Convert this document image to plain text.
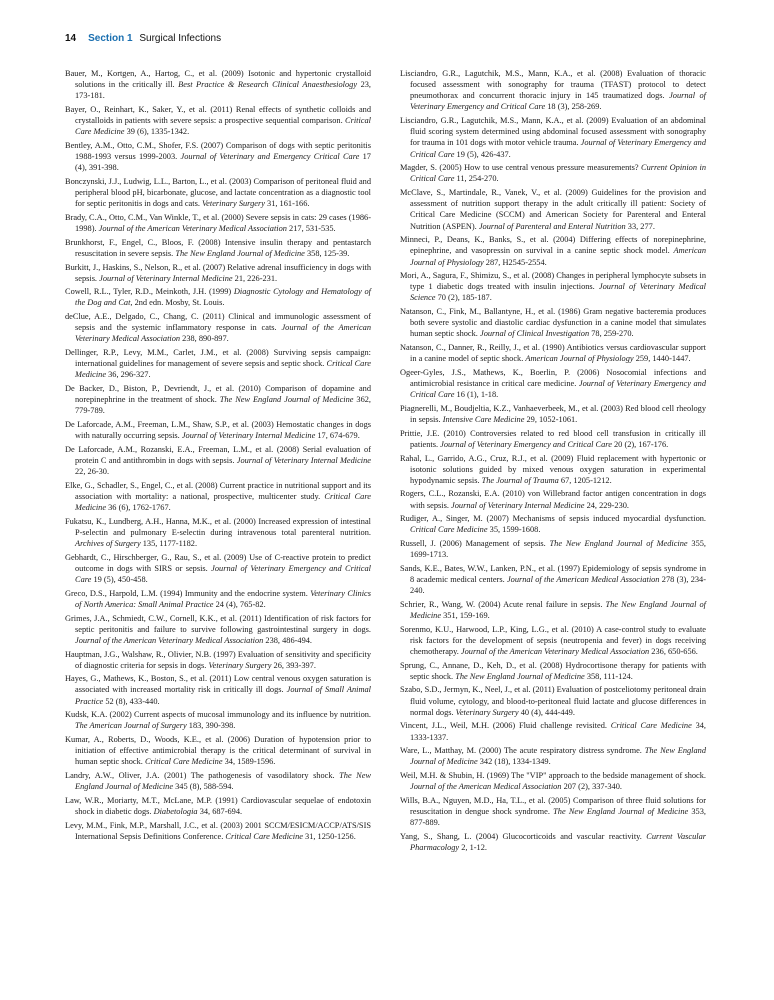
14 Section 1 Surgical Infections

Bauer, M., Kortgen, A., Hartog, C., et al. (2009) Isotonic and hypertonic crystalloid solutions in the critically ill. Best Practice & Research Clinical Anaesthesiology 23, 173-181.

Bayer, O., Reinhart, K., Saker, Y., et al. (2011) Renal effects of synthetic colloids and crystalloids in patients with severe sepsis: a prospective sequential comparison. Critical Care Medicine 39 (6), 1335-1342.

Bentley, A.M., Otto, C.M., Shofer, F.S. (2007) Comparison of dogs with septic peritonitis 1988-1993 versus 1999-2003. Journal of Veterinary and Emergency Critical Care 17 (4), 391-398.

Bonczynski, J.J., Ludwig, L.L., Barton, L., et al. (2003) Comparison of peritoneal fluid and peripheral blood pH, bicarbonate, glucose, and lactate concentration as a diagnostic tool for septic peritonitis in dogs and cats. Veterinary Surgery 31, 161-166.

Brady, C.A., Otto, C.M., Van Winkle, T., et al. (2000) Severe sepsis in cats: 29 cases (1986-1998). Journal of the American Veterinary Medical Association 217, 531-535.

Brunkhorst, F., Engel, C., Bloos, F. (2008) Intensive insulin therapy and pentastarch resuscitation in severe sepsis. The New England Journal of Medicine 358, 125-39.

Burkitt, J., Haskins, S., Nelson, R., et al. (2007) Relative adrenal insufficiency in dogs with sepsis. Journal of Veterinary Internal Medicine 21, 226-231.

Cowell, R.L., Tyler, R.D., Meinkoth, J.H. (1999) Diagnostic Cytology and Hematology of the Dog and Cat, 2nd edn. Mosby, St. Louis.

deClue, A.E., Delgado, C., Chang, C. (2011) Clinical and immunologic assessment of sepsis and the systemic inflammatory response in cats. Journal of the American Veterinary Medical Association 238, 890-897.

Dellinger, R.P., Levy, M.M., Carlet, J.M., et al. (2008) Surviving sepsis campaign: international guidelines for management of severe sepsis and septic shock. Critical Care Medicine 36, 296-327.

De Backer, D., Biston, P., Devriendt, J., et al. (2010) Comparison of dopamine and norepinephrine in the treatment of shock. The New England Journal of Medicine 362, 779-789.

De Laforcade, A.M., Freeman, L.M., Shaw, S.P., et al. (2003) Hemostatic changes in dogs with naturally occurring sepsis. Journal of Veterinary Internal Medicine 17, 674-679.

De Laforcade, A.M., Rozanski, E.A., Freeman, L.M., et al. (2008) Serial evaluation of protein C and antithrombin in dogs with sepsis. Journal of Veterinary Internal Medicine 22, 26-30.

Elke, G., Schadler, S., Engel, C., et al. (2008) Current practice in nutritional support and its association with mortality: a national, prospective, multicenter study. Critical Care Medicine 36 (6), 1762-1767.

Fukatsu, K., Lundberg, A.H., Hanna, M.K., et al. (2000) Increased expression of intestinal P-selectin and pulmonary E-selectin during intravenous total parenteral nutrition. Archives of Surgery 135, 1177-1182.

Gebhardt, C., Hirschberger, G., Rau, S., et al. (2009) Use of C-reactive protein to predict outcome in dogs with SIRS or sepsis. Journal of Veterinary Emergency and Critical Care 19 (5), 450-458.

Greco, D.S., Harpold, L.M. (1994) Immunity and the endocrine system. Veterinary Clinics of North America: Small Animal Practice 24 (4), 765-82.

Grimes, J.A., Schmiedt, C.W., Cornell, K.K., et al. (2011) Identification of risk factors for septic peritonitis and failure to survive following gastrointestinal surgery in dogs. Journal of the American Veterinary Medical Association 238, 486-494.

Hauptman, J.G., Walshaw, R., Olivier, N.B. (1997) Evaluation of sensitivity and specificity of diagnostic criteria for sepsis in dogs. Veterinary Surgery 26, 393-397.

Hayes, G., Mathews, K., Boston, S., et al. (2011) Low central venous oxygen saturation is associated with increased mortality risk in critically ill dogs. Journal of Small Animal Practice 52 (8), 433-440.

Kudsk, K.A. (2002) Current aspects of mucosal immunology and its influence by nutrition. The American Journal of Surgery 183, 390-398.

Kumar, A., Roberts, D., Woods, K.E., et al. (2006) Duration of hypotension prior to initiation of effective antimicrobial therapy is the critical determinant of survival in human septic shock. Critical Care Medicine 34, 1589-1596.

Landry, A.W., Oliver, J.A. (2001) The pathogenesis of vasodilatory shock. The New England Journal of Medicine 345 (8), 588-594.

Law, W.R., Moriarty, M.T., McLane, M.P. (1991) Cardiovascular sequelae of endotoxin shock in diabetic dogs. Diabetologia 34, 687-694.

Levy, M.M., Fink, M.P., Marshall, J.C., et al. (2003) 2001 SCCM/ESICM/ACCP/ATS/SIS International Sepsis Definitions Conference. Critical Care Medicine 31, 1250-1256.

Lisciandro, G.R., Lagutchik, M.S., Mann, K.A., et al. (2008) Evaluation of thoracic focused assessment with sonography for trauma (TFAST) protocol to detect pneumothorax and concurrent thoracic injury in 145 traumatized dogs. Journal of Veterinary Emergency and Critical Care 18 (3), 258-269.

Lisciandro, G.R., Lagutchik, M.S., Mann, K.A., et al. (2009) Evaluation of an abdominal fluid scoring system determined using abdominal focused assessment with sonography for trauma in 101 dogs with motor vehicle trauma. Journal of Veterinary Emergency and Critical Care 19 (5), 426-437.

Magder, S. (2005) How to use central venous pressure measurements? Current Opinion in Critical Care 11, 254-270.

McClave, S., Martindale, R., Vanek, V., et al. (2009) Guidelines for the provision and assessment of nutrition support therapy in the adult critically ill patient: Society of Critical Care Medicine (SCCM) and American Society for Parenteral and Enteral Nutrition (ASPEN). Journal of Parenteral and Enteral Nutrition 33, 277.

Minneci, P., Deans, K., Banks, S., et al. (2004) Differing effects of norepinephrine, epinephrine, and vasopressin on survival in a canine septic shock model. American Journal of Physiology 287, H2545-2554.

Mori, A., Sagura, F., Shimizu, S., et al. (2008) Changes in peripheral lymphocyte subsets in type 1 diabetic dogs treated with insulin injections. Journal of Veterinary Medical Science 70 (2), 185-187.

Natanson, C., Fink, M., Ballantyne, H., et al. (1986) Gram negative bacteremia produces both severe systolic and diastolic cardiac dysfunction in a canine model that simulates human septic shock. Journal of Clinical Investigation 78, 259-270.

Natanson, C., Danner, R., Reilly, J., et al. (1990) Antibiotics versus cardiovascular support in a canine model of septic shock. American Journal of Physiology 259, 1440-1447.

Ogeer-Gyles, J.S., Mathews, K., Boerlin, P. (2006) Nosocomial infections and antimicrobial resistance in critical care medicine. Journal of Veterinary Emergency and Critical Care 16 (1), 1-18.

Piagnerelli, M., Boudjeltia, K.Z., Vanhaeverbeek, M., et al. (2003) Red blood cell rheology in sepsis. Intensive Care Medicine 29, 1052-1061.

Prittie, J.E. (2010) Controversies related to red blood cell transfusion in critically ill patients. Journal of Veterinary Emergency and Critical Care 20 (2), 167-176.

Rahal, L., Garrido, A.G., Cruz, R.J., et al. (2009) Fluid replacement with hypertonic or isotonic solutions guided by mixed venous oxygen saturation in experimental hypodynamic sepsis. The Journal of Trauma 67, 1205-1212.

Rogers, C.L., Rozanski, E.A. (2010) von Willebrand factor antigen concentration in dogs with sepsis. Journal of Veterinary Internal Medicine 24, 229-230.

Rudiger, A., Singer, M. (2007) Mechanisms of sepsis induced myocardial dysfunction. Critical Care Medicine 35, 1599-1608.

Russell, J. (2006) Management of sepsis. The New England Journal of Medicine 355, 1699-1713.

Sands, K.E., Bates, W.W., Lanken, P.N., et al. (1997) Epidemiology of sepsis syndrome in 8 academic medical centers. Journal of the American Medical Association 278 (3), 234-240.

Schrier, R., Wang, W. (2004) Acute renal failure in sepsis. The New England Journal of Medicine 351, 159-169.

Sorenmo, K.U., Harwood, L.P., King, L.G., et al. (2010) A case-control study to evaluate risk factors for the development of sepsis (neutropenia and fever) in dogs receiving chemotherapy. Journal of the American Veterinary Medical Association 236, 650-656.

Sprung, C., Annane, D., Keh, D., et al. (2008) Hydrocortisone therapy for patients with septic shock. The New England Journal of Medicine 358, 111-124.

Szabo, S.D., Jermyn, K., Neel, J., et al. (2011) Evaluation of postceliotomy peritoneal drain fluid volume, cytology, and blood-to-peritoneal fluid lactate and glucose differences in normal dogs. Veterinary Surgery 40 (4), 444-449.

Vincent, J.L., Weil, M.H. (2006) Fluid challenge revisited. Critical Care Medicine 34, 1333-1337.

Ware, L., Matthay, M. (2000) The acute respiratory distress syndrome. The New England Journal of Medicine 342 (18), 1334-1349.

Weil, M.H. & Shubin, H. (1969) The "VIP" approach to the bedside management of shock. Journal of the American Medical Association 207 (2), 337-340.

Wills, B.A., Nguyen, M.D., Ha, T.L., et al. (2005) Comparison of three fluid solutions for resuscitation in dengue shock syndrome. The New England Journal of Medicine 353, 877-889.

Yang, S., Shang, L. (2004) Glucocorticoids and vascular reactivity. Current Vascular Pharmacology 2, 1-12.
